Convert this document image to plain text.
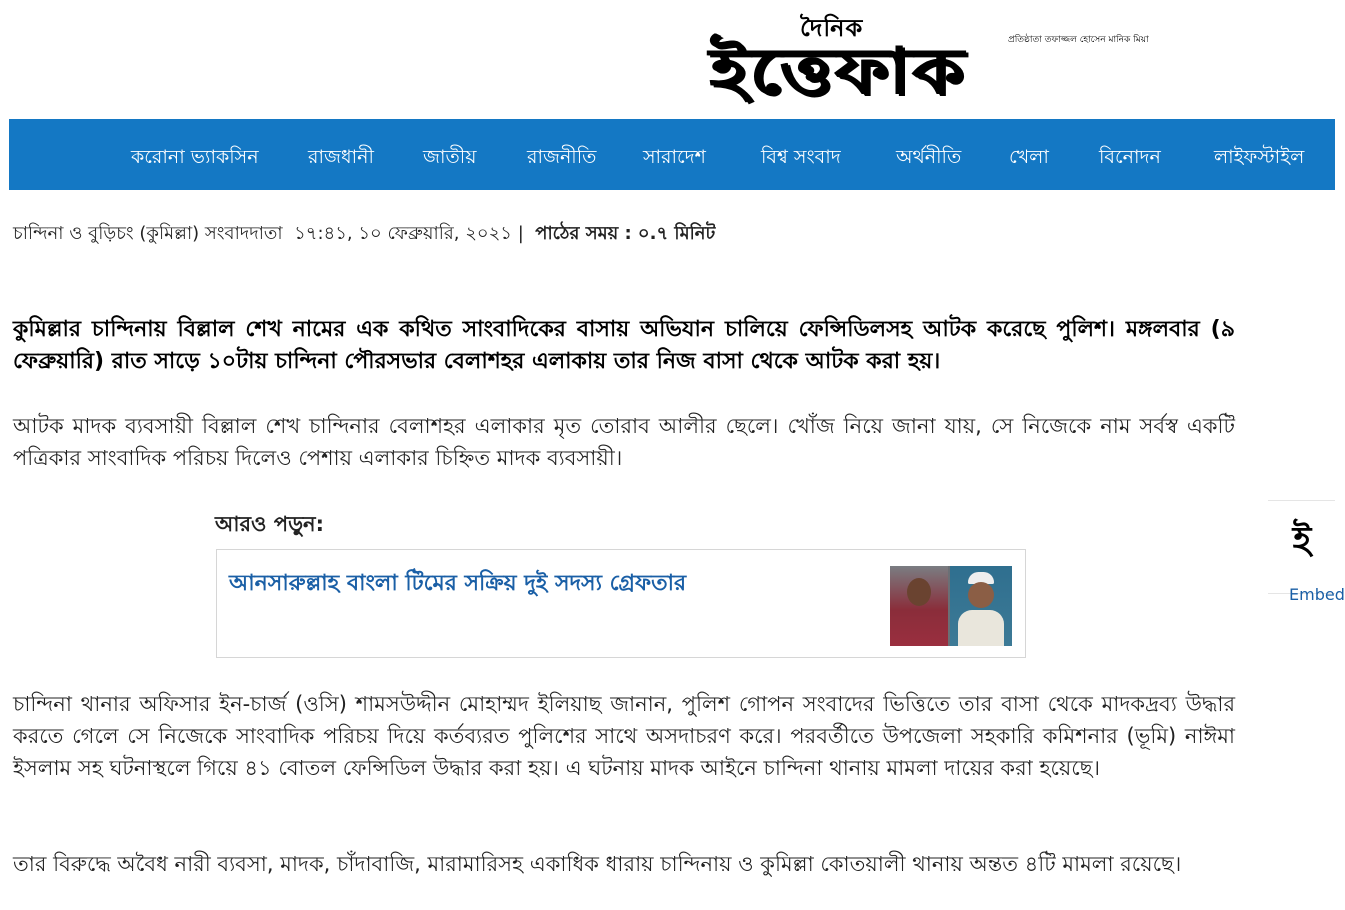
দৈনিক	প্রতিষ্ঠাতা তফাজ্জল হোসেন মানিক মিয়া
ইত্তেফাক
করোনা ভ্যাকসিন	রাজধানী	জাতীয়	রাজনীতি সারাদেশ	বিশ্ব সংবাদ	অর্থনীতি	খেলা	বিনোদন	লাইফস্টাইল
চান্দিনা ও বুড়িচং (কুমিল্লা) সংবাদদাতা ১৭:৪১, ১০ ফেব্রুয়ারি, ২০২১ |  পাঠের সময় : ০.৭ মিনিট
কুমিল্লার চান্দিনায় বিল্লাল শেখ নামের এক কথিত সাংবাদিকের বাসায় অভিযান চালিয়ে ফেন্সিডিলসহ আটক করেছে পুলিশ। মঙ্গলবার (৯ ফেব্রুয়ারি) রাত সাড়ে ১০টায় চান্দিনা পৌরসভার বেলাশহর এলাকায় তার নিজ বাসা থেকে আটক করা হয়।
আটক মাদক ব্যবসায়ী বিল্লাল শেখ চান্দিনার বেলাশহর এলাকার মৃত তোরাব আলীর ছেলে। খোঁজ নিয়ে জানা যায়, সে নিজেকে নাম সর্বস্ব একটি পত্রিকার সাংবাদিক পরিচয় দিলেও পেশায় এলাকার চিহ্নিত মাদক ব্যবসায়ী।
আরও পড়ুন:
আনসারুল্লাহ বাংলা টিমের সক্রিয় দুই সদস্য গ্রেফতার
চান্দিনা থানার অফিসার ইন-চার্জ (ওসি) শামসউদ্দীন মোহাম্মদ ইলিয়াছ জানান, পুলিশ গোপন সংবাদের ভিত্তিতে তার বাসা থেকে মাদকদ্রব্য উদ্ধার করতে গেলে সে নিজেকে সাংবাদিক পরিচয় দিয়ে কর্তব্যরত পুলিশের সাথে অসদাচরণ করে। পরবর্তীতে উপজেলা সহকারি কমিশনার (ভূমি) নাঈমা ইসলাম সহ ঘটনাস্থলে গিয়ে ৪১ বোতল ফেন্সিডিল উদ্ধার করা হয়। এ ঘটনায় মাদক আইনে চান্দিনা থানায় মামলা দায়ের করা হয়েছে।
তার বিরুদ্ধে অবৈধ নারী ব্যবসা, মাদক, চাঁদাবাজি, মারামারিসহ একাধিক ধারায় চান্দিনায় ও কুমিল্লা কোতয়ালী থানায় অন্তত ৪টি মামলা রয়েছে।
ই
Embed
